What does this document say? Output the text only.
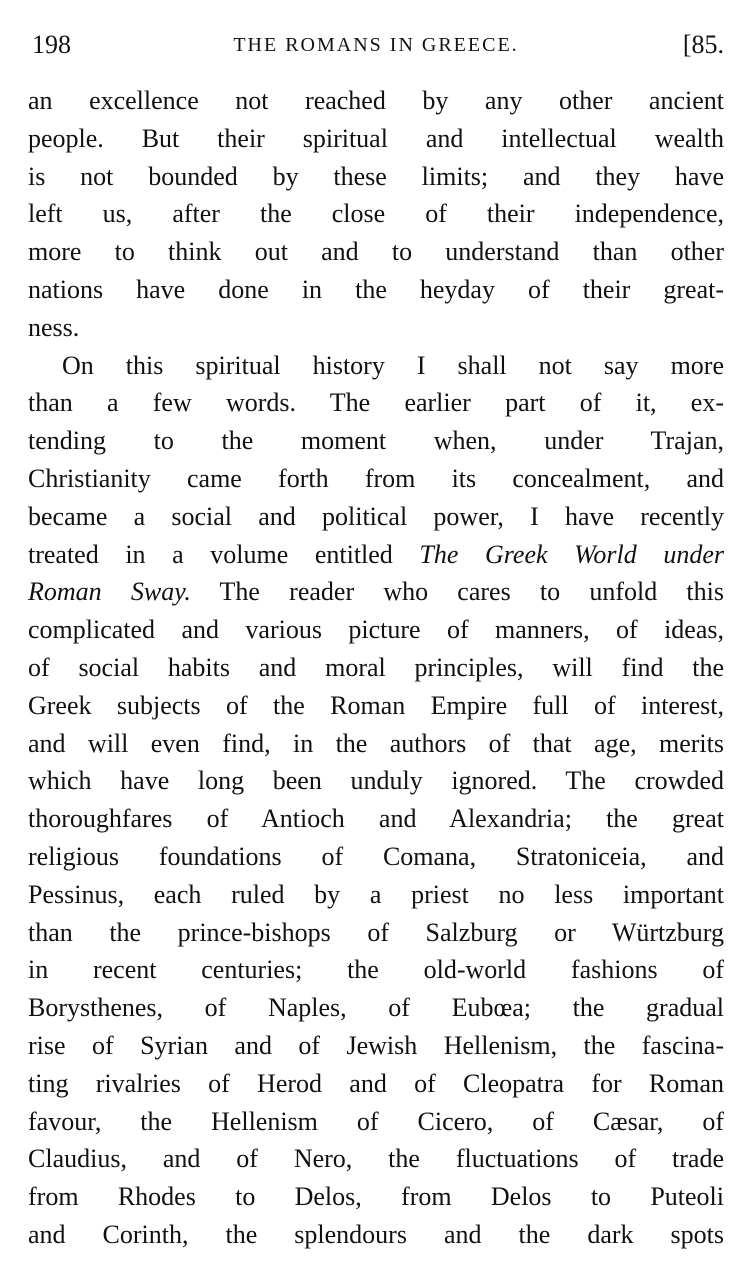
198	THE ROMANS IN GREECE.	[85.
an excellence not reached by any other ancient
people. But their spiritual and intellectual wealth
is not bounded by these limits; and they have
left us, after the close of their independence,
more to think out and to understand than other
nations have done in the heyday of their great-
ness.
On this spiritual history I shall not say more
than a few words. The earlier part of it, ex-
tending to the moment when, under Trajan,
Christianity came forth from its concealment, and
became a social and political power, I have recently
treated in a volume entitled The Greek World under
Roman Sway. The reader who cares to unfold this
complicated and various picture of manners, of ideas,
of social habits and moral principles, will find the
Greek subjects of the Roman Empire full of interest,
and will even find, in the authors of that age, merits
which have long been unduly ignored. The crowded
thoroughfares of Antioch and Alexandria; the great
religious foundations of Comana, Stratoniceia, and
Pessinus, each ruled by a priest no less important
than the prince-bishops of Salzburg or Würtzburg
in recent centuries; the old-world fashions of
Borysthenes, of Naples, of Eubœa; the gradual
rise of Syrian and of Jewish Hellenism, the fascina-
ting rivalries of Herod and of Cleopatra for Roman
favour, the Hellenism of Cicero, of Cæsar, of
Claudius, and of Nero, the fluctuations of trade
from Rhodes to Delos, from Delos to Puteoli
and Corinth, the splendours and the dark spots
